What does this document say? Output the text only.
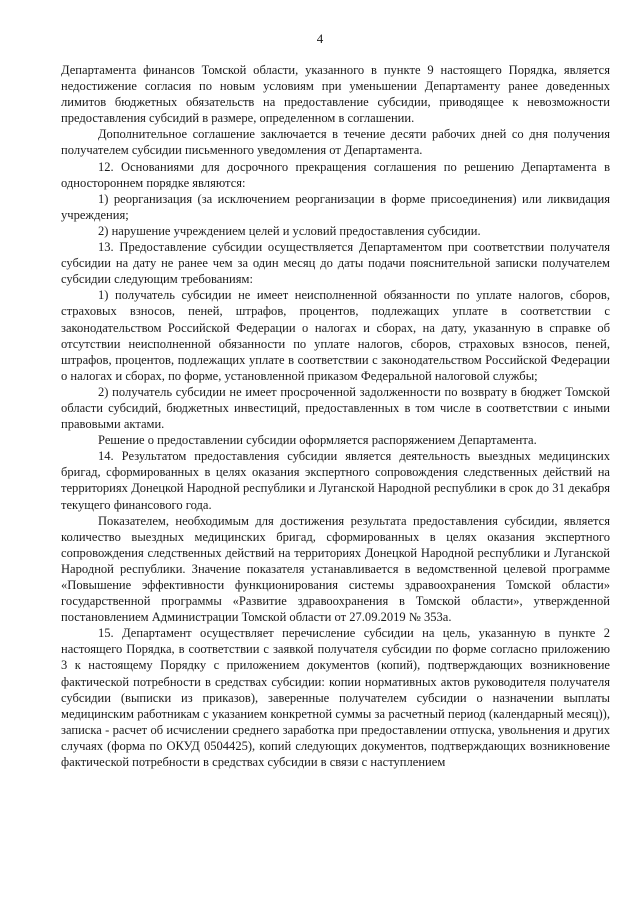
4

Департамента финансов Томской области, указанного в пункте 9 настоящего Порядка, является недостижение согласия по новым условиям при уменьшении Департаменту ранее доведенных лимитов бюджетных обязательств на предоставление субсидии, приводящее к невозможности предоставления субсидий в размере, определенном в соглашении.

Дополнительное соглашение заключается в течение десяти рабочих дней со дня получения получателем субсидии письменного уведомления от Департамента.

12. Основаниями для досрочного прекращения соглашения по решению Департамента в одностороннем порядке являются:

1) реорганизация (за исключением реорганизации в форме присоединения) или ликвидация учреждения;

2) нарушение учреждением целей и условий предоставления субсидии.

13. Предоставление субсидии осуществляется Департаментом при соответствии получателя субсидии на дату не ранее чем за один месяц до даты подачи пояснительной записки получателем субсидии следующим требованиям:

1) получатель субсидии не имеет неисполненной обязанности по уплате налогов, сборов, страховых взносов, пеней, штрафов, процентов, подлежащих уплате в соответствии с законодательством Российской Федерации о налогах и сборах, на дату, указанную в справке об отсутствии неисполненной обязанности по уплате налогов, сборов, страховых взносов, пеней, штрафов, процентов, подлежащих уплате в соответствии с законодательством Российской Федерации о налогах и сборах, по форме, установленной приказом Федеральной налоговой службы;

2) получатель субсидии не имеет просроченной задолженности по возврату в бюджет Томской области субсидий, бюджетных инвестиций, предоставленных в том числе в соответствии с иными правовыми актами.

Решение о предоставлении субсидии оформляется распоряжением Департамента.

14. Результатом предоставления субсидии является деятельность выездных медицинских бригад, сформированных в целях оказания экспертного сопровождения следственных действий на территориях Донецкой Народной республики и Луганской Народной республики в срок до 31 декабря текущего финансового года.

Показателем, необходимым для достижения результата предоставления субсидии, является количество выездных медицинских бригад, сформированных в целях оказания экспертного сопровождения следственных действий на территориях Донецкой Народной республики и Луганской Народной республики. Значение показателя устанавливается в ведомственной целевой программе «Повышение эффективности функционирования системы здравоохранения Томской области» государственной программы «Развитие здравоохранения в Томской области», утвержденной постановлением Администрации Томской области от 27.09.2019 № 353а.

15. Департамент осуществляет перечисление субсидии на цель, указанную в пункте 2 настоящего Порядка, в соответствии с заявкой получателя субсидии по форме согласно приложению 3 к настоящему Порядку с приложением документов (копий), подтверждающих возникновение фактической потребности в средствах субсидии: копии нормативных актов руководителя получателя субсидии (выписки из приказов), заверенные получателем субсидии о назначении выплаты медицинским работникам с указанием конкретной суммы за расчетный период (календарный месяц)), записка - расчет об исчислении среднего заработка при предоставлении отпуска, увольнения и других случаях (форма по ОКУД 0504425), копий следующих документов, подтверждающих возникновение фактической потребности в средствах субсидии в связи с наступлением
